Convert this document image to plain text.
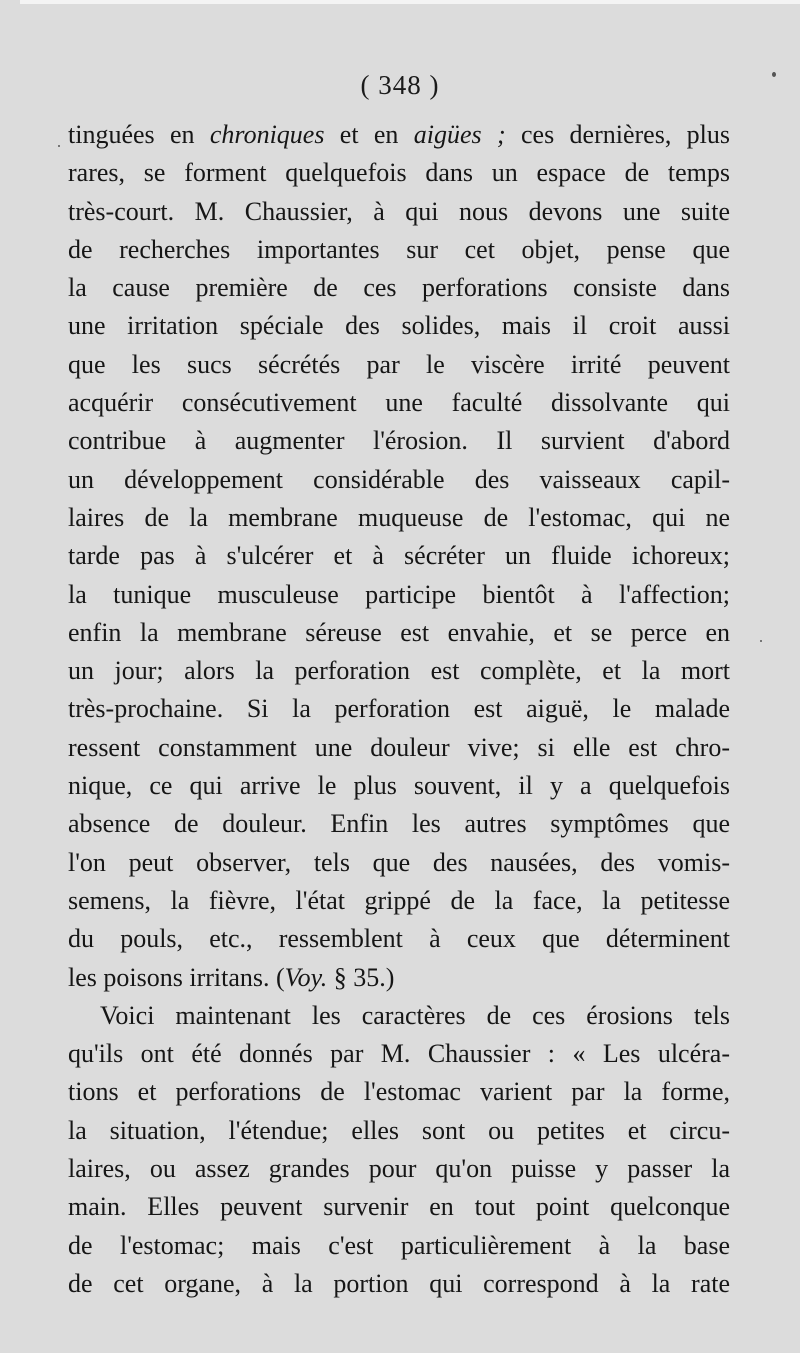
( 348 )
tinguées en chroniques et en aigües ; ces dernières, plus
rares, se forment quelquefois dans un espace de temps
très-court. M. Chaussier, à qui nous devons une suite
de recherches importantes sur cet objet, pense que
la cause première de ces perforations consiste dans
une irritation spéciale des solides, mais il croit aussi
que les sucs sécrétés par le viscère irrité peuvent
acquérir consécutivement une faculté dissolvante qui
contribue à augmenter l'érosion. Il survient d'abord
un développement considérable des vaisseaux capil-
laires de la membrane muqueuse de l'estomac, qui ne
tarde pas à s'ulcérer et à sécréter un fluide ichoreux;
la tunique musculeuse participe bientôt à l'affection;
enfin la membrane séreuse est envahie, et se perce en
un jour; alors la perforation est complète, et la mort
très-prochaine. Si la perforation est aiguë, le malade
ressent constamment une douleur vive; si elle est chro-
nique, ce qui arrive le plus souvent, il y a quelquefois
absence de douleur. Enfin les autres symptômes que
l'on peut observer, tels que des nausées, des vomis-
semens, la fièvre, l'état grippé de la face, la petitesse
du pouls, etc., ressemblent à ceux que déterminent
les poisons irritans. (Voy. § 35.)
Voici maintenant les caractères de ces érosions tels
qu'ils ont été donnés par M. Chaussier : « Les ulcéra-
tions et perforations de l'estomac varient par la forme,
la situation, l'étendue; elles sont ou petites et circu-
laires, ou assez grandes pour qu'on puisse y passer la
main. Elles peuvent survenir en tout point quelconque
de l'estomac; mais c'est particulièrement à la base
de cet organe, à la portion qui correspond à la rate
